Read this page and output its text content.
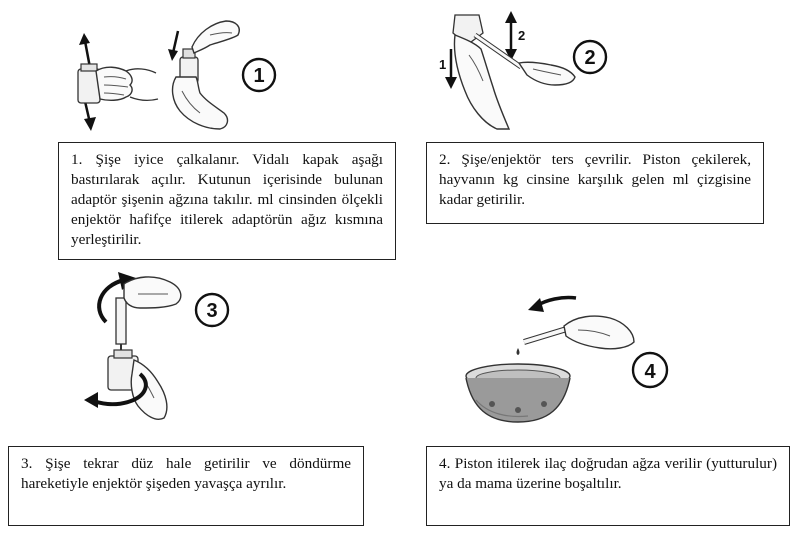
1

1. Şişe iyice çalkalanır. Vidalı kapak aşağı bastırılarak açılır. Kutunun içerisinde bulunan adaptör şişenin ağzına takılır. ml cinsinden ölçekli enjektör hafifçe itilerek adaptörün ağız kısmına yerleştirilir.

1
2
2

2. Şişe/enjektör ters çevrilir. Piston çekilerek, hayvanın kg cinsine karşılık gelen ml çizgisine kadar getirilir.

3

3. Şişe tekrar düz hale getirilir ve döndürme hareketiyle enjektör şişeden yavaşça ayrılır.

4

4. Piston itilerek ilaç doğrudan ağza verilir (yutturulur) ya da mama üzerine boşaltılır.
